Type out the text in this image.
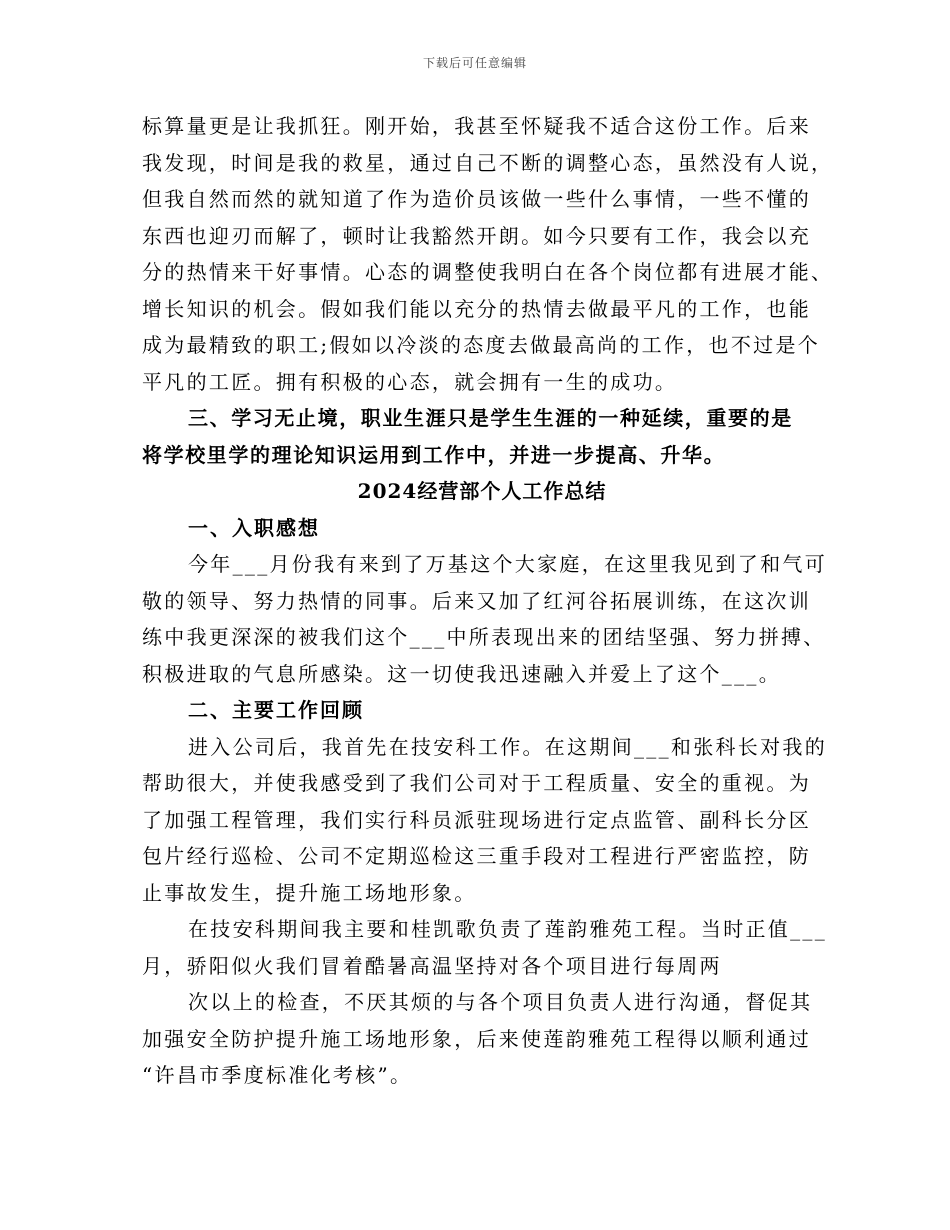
下载后可任意编辑
标算量更是让我抓狂。刚开始，我甚至怀疑我不适合这份工作。后来
我发现，时间是我的救星，通过自己不断的调整心态，虽然没有人说，
但我自然而然的就知道了作为造价员该做一些什么事情，一些不懂的
东西也迎刃而解了，顿时让我豁然开朗。如今只要有工作，我会以充
分的热情来干好事情。心态的调整使我明白在各个岗位都有进展才能、
增长知识的机会。假如我们能以充分的热情去做最平凡的工作，也能
成为最精致的职工;假如以冷淡的态度去做最高尚的工作，也不过是个
平凡的工匠。拥有积极的心态，就会拥有一生的成功。
三、学习无止境，职业生涯只是学生生涯的一种延续，重要的是
将学校里学的理论知识运用到工作中，并进一步提高、升华。
2024经营部个人工作总结
一、入职感想
今年___月份我有来到了万基这个大家庭，在这里我见到了和气可
敬的领导、努力热情的同事。后来又加了红河谷拓展训练，在这次训
练中我更深深的被我们这个___中所表现出来的团结坚强、努力拼搏、
积极进取的气息所感染。这一切使我迅速融入并爱上了这个___。
二、主要工作回顾
进入公司后，我首先在技安科工作。在这期间___和张科长对我的
帮助很大，并使我感受到了我们公司对于工程质量、安全的重视。为
了加强工程管理，我们实行科员派驻现场进行定点监管、副科长分区
包片经行巡检、公司不定期巡检这三重手段对工程进行严密监控，防
止事故发生，提升施工场地形象。
在技安科期间我主要和桂凯歌负责了莲韵雅苑工程。当时正值___
月，骄阳似火我们冒着酷暑高温坚持对各个项目进行每周两
次以上的检查，不厌其烦的与各个项目负责人进行沟通，督促其
加强安全防护提升施工场地形象，后来使莲韵雅苑工程得以顺利通过
“许昌市季度标准化考核”。
